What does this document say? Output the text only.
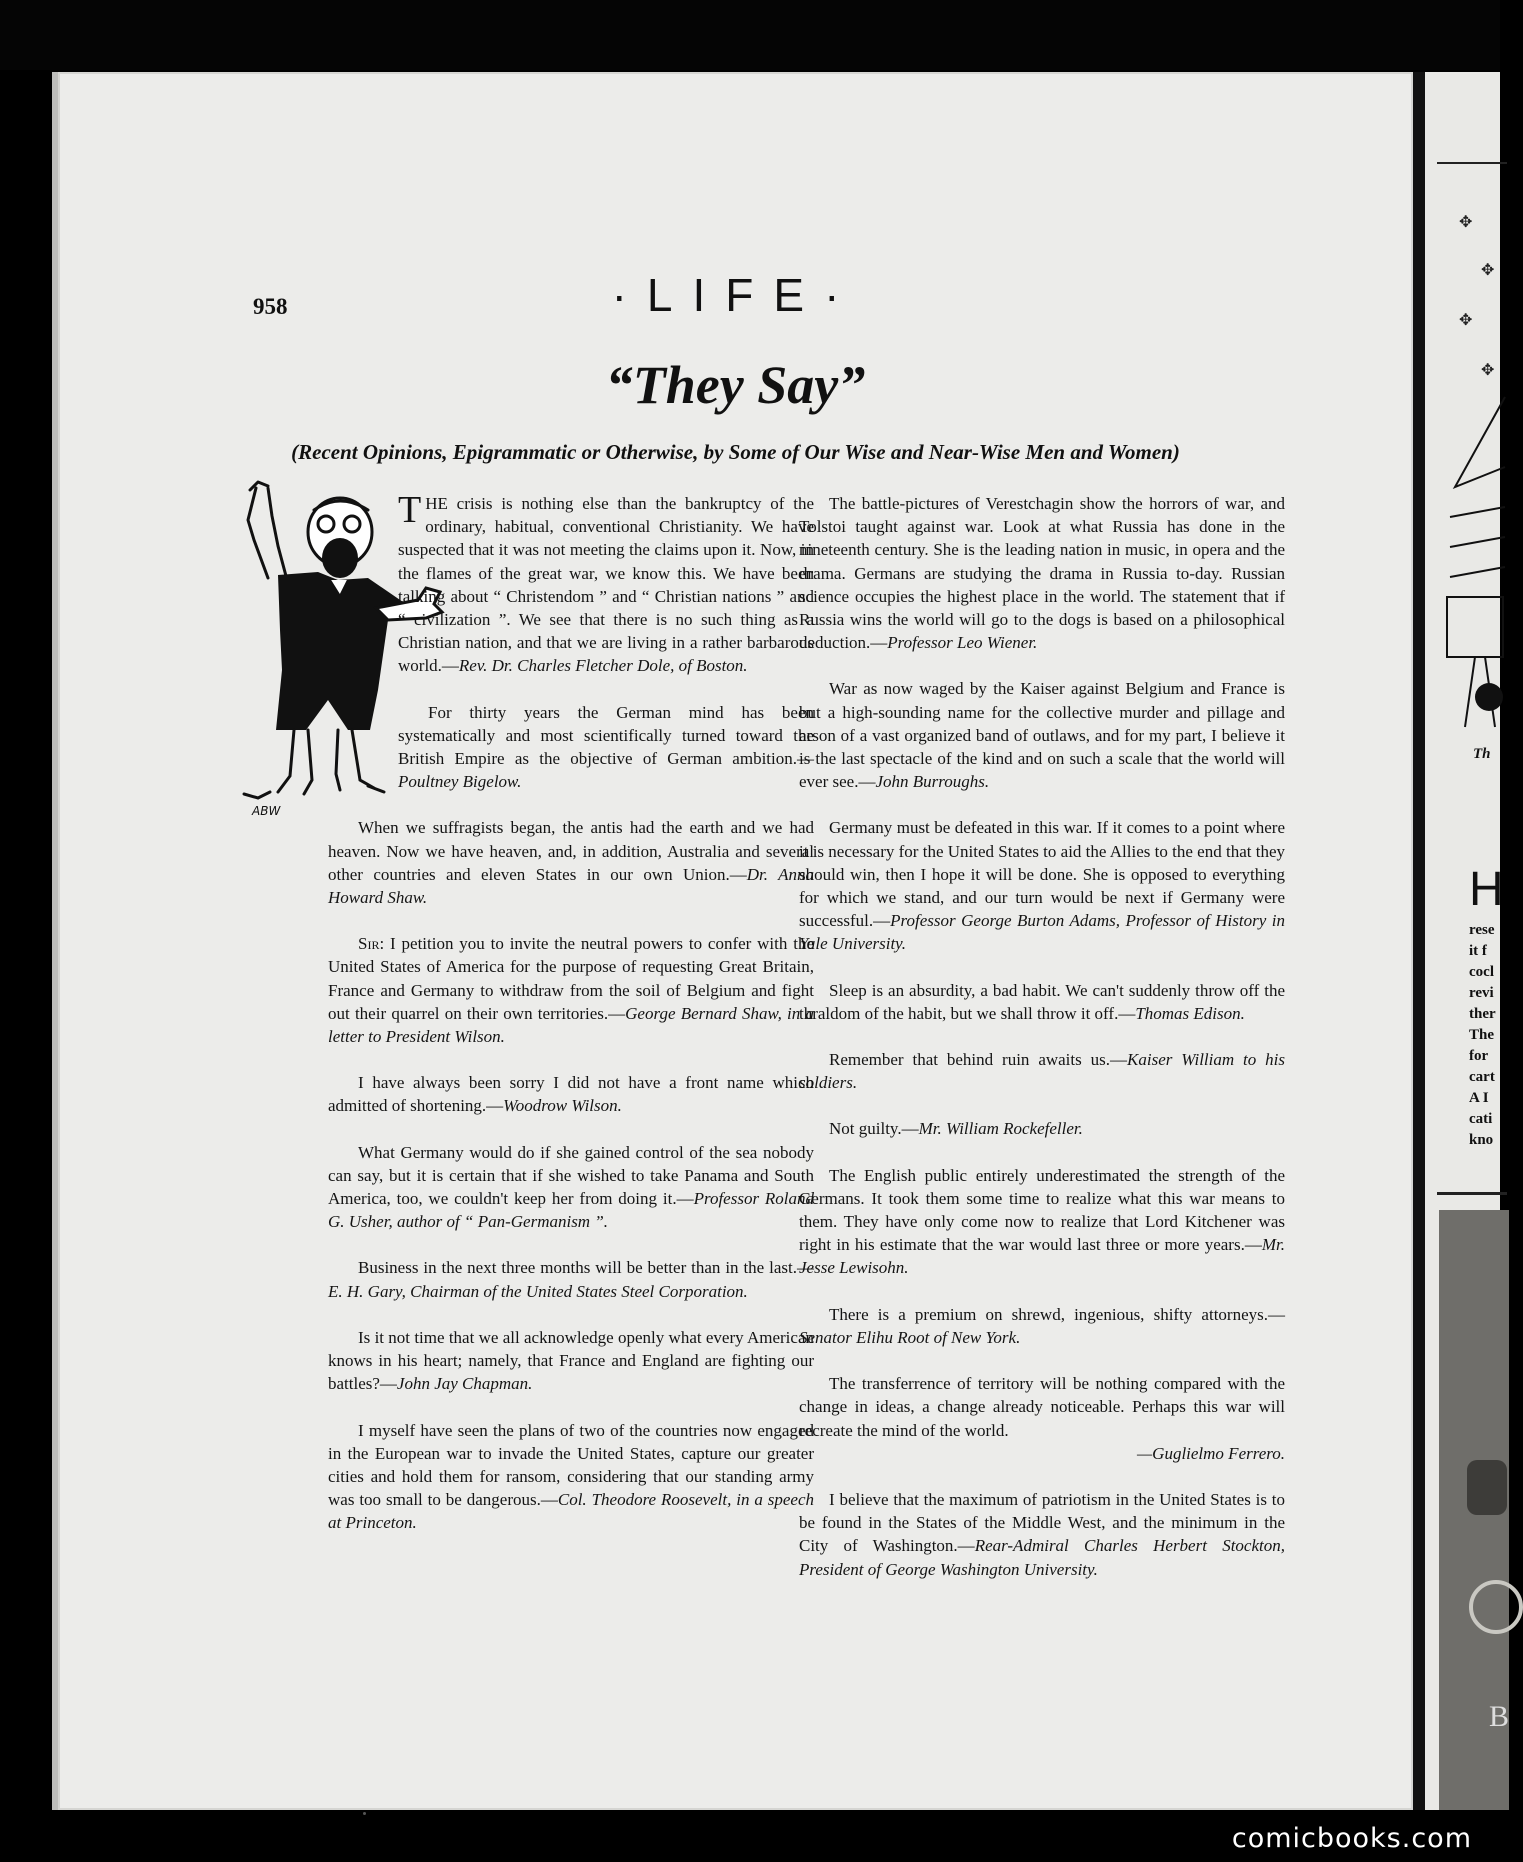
958	·LIFE·
“They Say”
(Recent Opinions, Epigrammatic or Otherwise, by Some of Our Wise and Near-Wise Men and Women)
ABW

THE crisis is nothing else than the bankruptcy of the ordinary, habitual, conventional Christianity. We have suspected that it was not meeting the claims upon it. Now, in the flames of the great war, we know this. We have been talking about “ Christendom ” and “ Christian nations ” and “ civilization ”. We see that there is no such thing as a Christian nation, and that we are living in a rather barbarous world.—Rev. Dr. Charles Fletcher Dole, of Boston.

For thirty years the German mind has been systematically and most scientifically turned toward the British Empire as the objective of German ambition.—Poultney Bigelow.

When we suffragists began, the antis had the earth and we had heaven. Now we have heaven, and, in addition, Australia and several other countries and eleven States in our own Union.—Dr. Anna Howard Shaw.

Sir: I petition you to invite the neutral powers to confer with the United States of America for the purpose of requesting Great Britain, France and Germany to withdraw from the soil of Belgium and fight out their quarrel on their own territories.—George Bernard Shaw, in a letter to President Wilson.

I have always been sorry I did not have a front name which admitted of shortening.—Woodrow Wilson.

What Germany would do if she gained control of the sea nobody can say, but it is certain that if she wished to take Panama and South America, too, we couldn't keep her from doing it.—Professor Roland G. Usher, author of “ Pan-Germanism ”.

Business in the next three months will be better than in the last.—E. H. Gary, Chairman of the United States Steel Corporation.

Is it not time that we all acknowledge openly what every American knows in his heart; namely, that France and England are fighting our battles?—John Jay Chapman.

I myself have seen the plans of two of the countries now engaged in the European war to invade the United States, capture our greater cities and hold them for ransom, considering that our standing army was too small to be dangerous.—Col. Theodore Roosevelt, in a speech at Princeton.

The battle-pictures of Verestchagin show the horrors of war, and Tolstoi taught against war. Look at what Russia has done in the nineteenth century. She is the leading nation in music, in opera and the drama. Germans are studying the drama in Russia to-day. Russian science occupies the highest place in the world. The statement that if Russia wins the world will go to the dogs is based on a philosophical deduction.—Professor Leo Wiener.

War as now waged by the Kaiser against Belgium and France is but a high-sounding name for the collective murder and pillage and arson of a vast organized band of outlaws, and for my part, I believe it is the last spectacle of the kind and on such a scale that the world will ever see.—John Burroughs.

Germany must be defeated in this war. If it comes to a point where it is necessary for the United States to aid the Allies to the end that they should win, then I hope it will be done. She is opposed to everything for which we stand, and our turn would be next if Germany were successful.—Professor George Burton Adams, Professor of History in Yale University.

Sleep is an absurdity, a bad habit. We can't suddenly throw off the thraldom of the habit, but we shall throw it off.—Thomas Edison.

Remember that behind ruin awaits us.—Kaiser William to his soldiers.

Not guilty.—Mr. William Rockefeller.

The English public entirely underestimated the strength of the Germans. It took them some time to realize what this war means to them. They have only come now to realize that Lord Kitchener was right in his estimate that the war would last three or more years.—Mr. Jesse Lewisohn.

There is a premium on shrewd, ingenious, shifty attorneys.—Senator Elihu Root of New York.

The transferrence of territory will be nothing compared with the change in ideas, a change already noticeable. Perhaps this war will recreate the mind of the world.
—Guglielmo Ferrero.

I believe that the maximum of patriotism in the United States is to be found in the States of the Middle West, and the minimum in the City of Washington.—Rear-Admiral Charles Herbert Stockton, President of George Washington University.

✥
✥
✥
✥
Th
H
rese
it f
cocl
revi
ther
The
for
cart
A I
cati
kno
B
comicbooks.com
